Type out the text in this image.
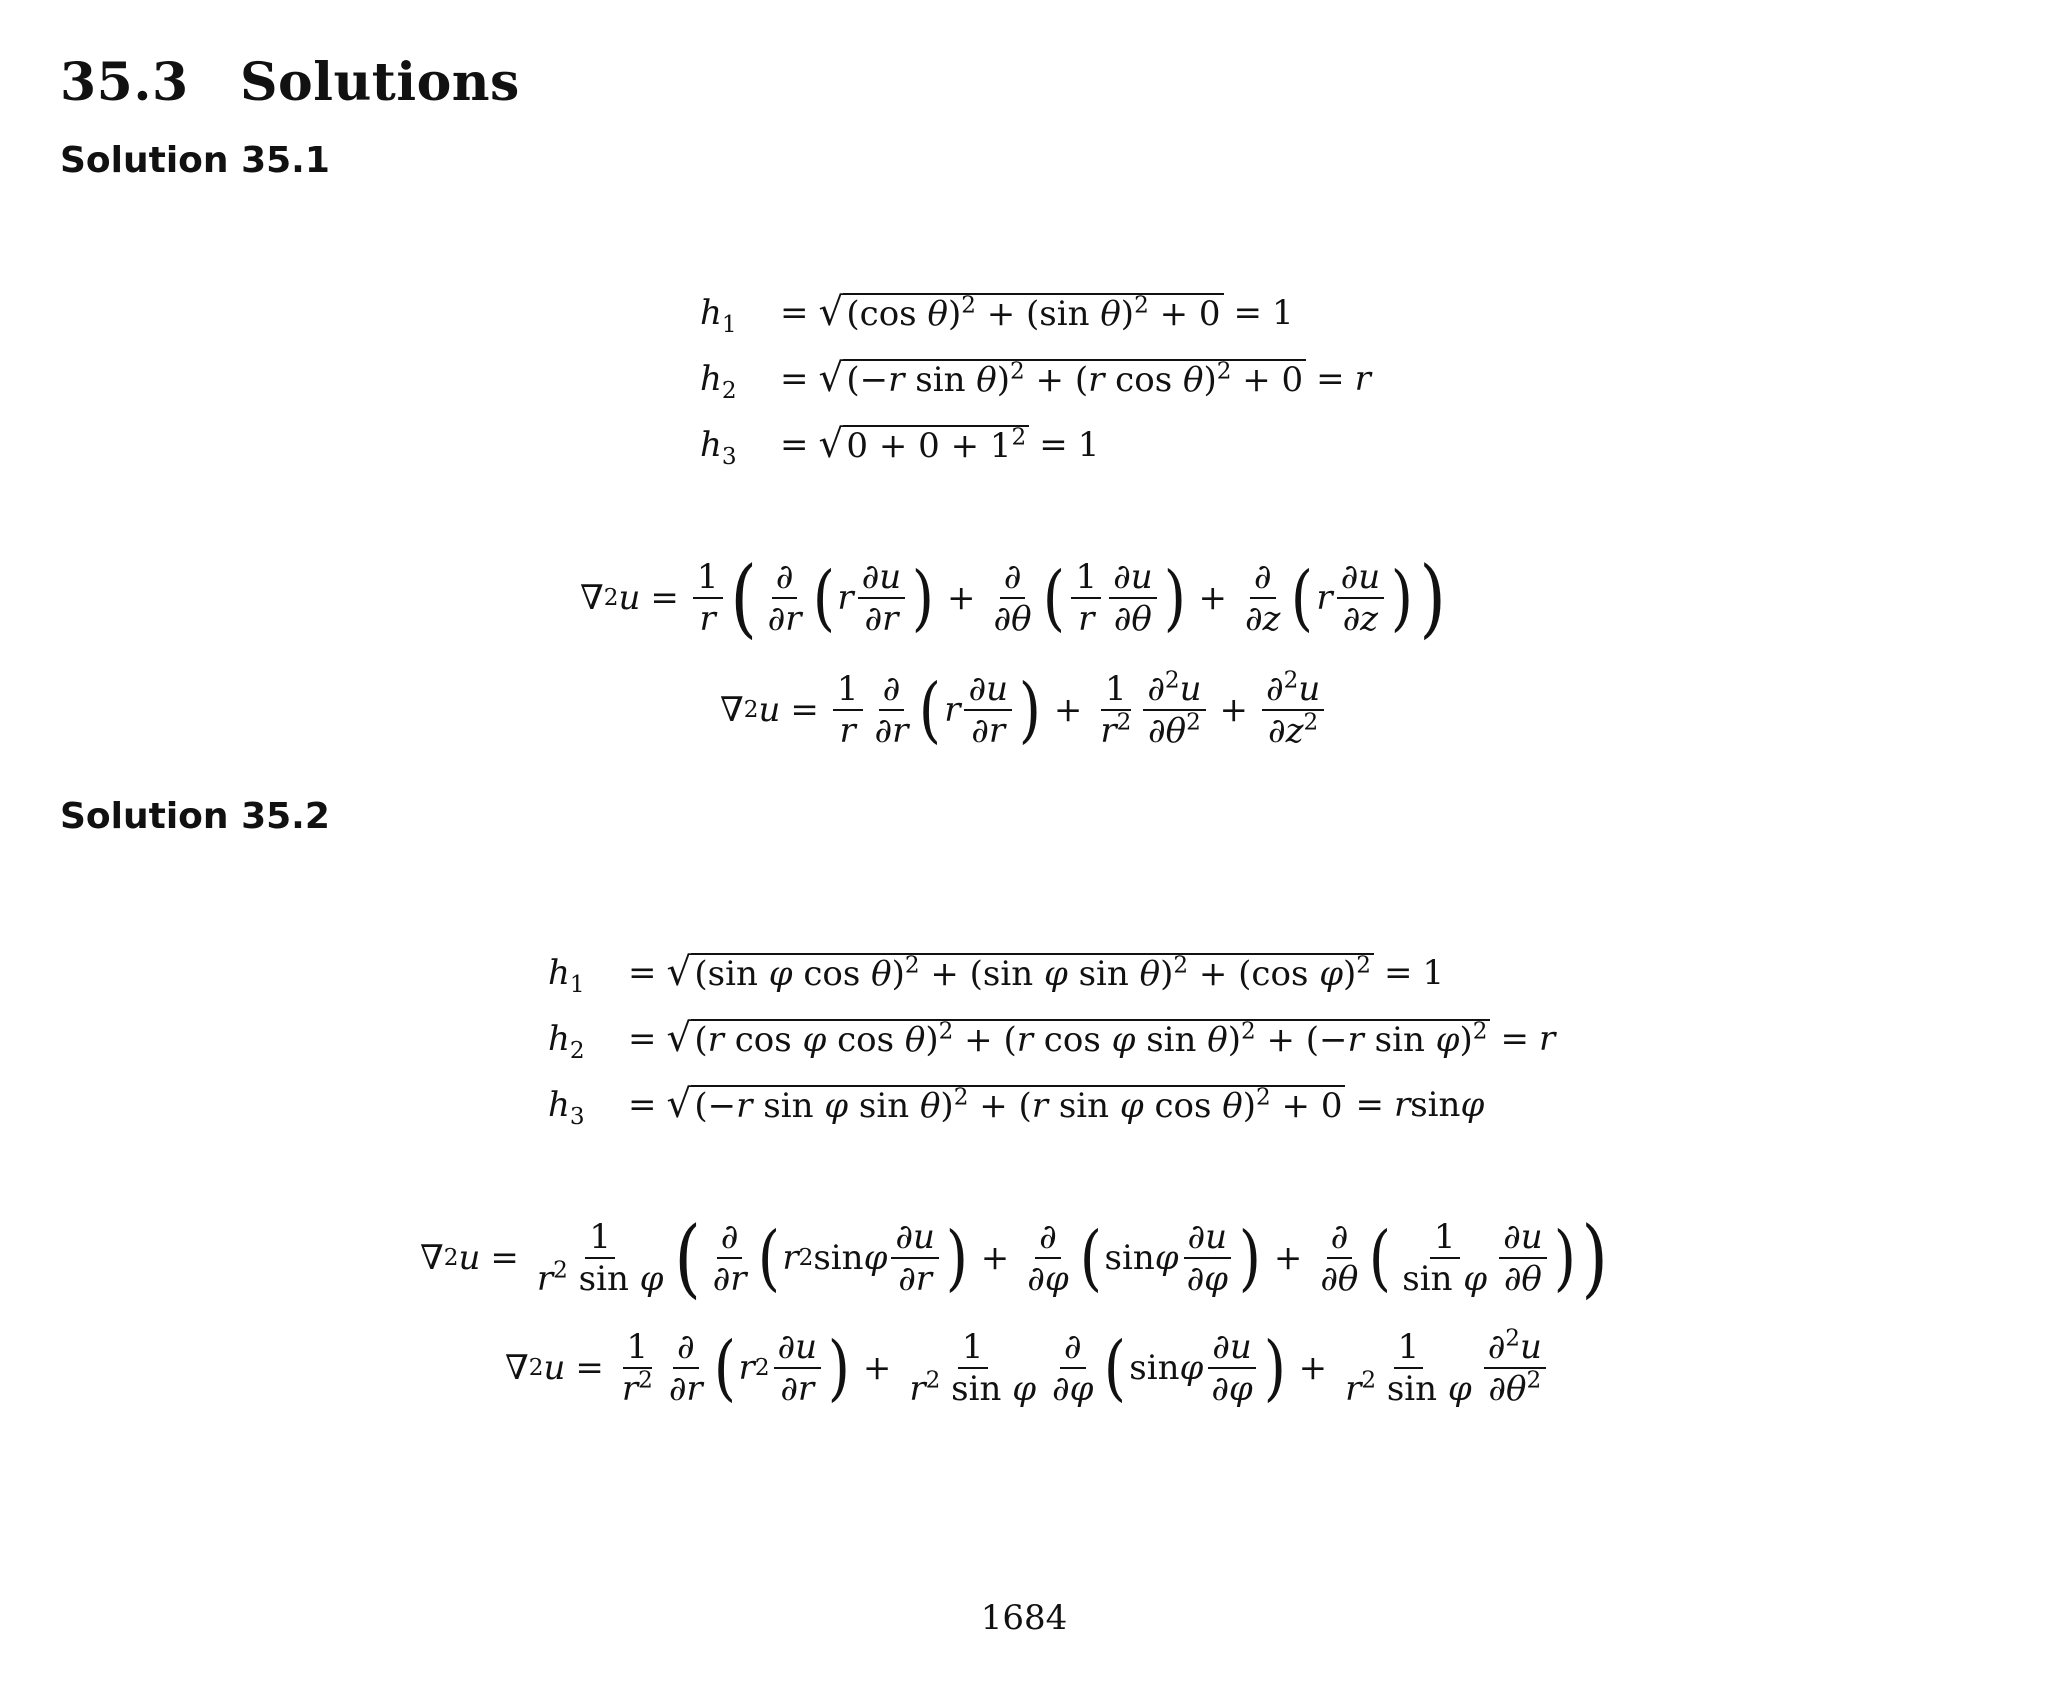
35.3 Solutions
Solution 35.1
$h_1$	= √ (cos θ)$^2$ + (sin θ)$^2$ + 0 = 1
$h_2$	= √ (−r sin θ)$^2$ + (r cos θ)$^2$ + 0 = r
$h_3$	= √ $0 + 0 + 1^2 = 1$
∇ 2 $u = \frac{1}{r}$ ( $\frac{\partial}{\partial r}$ ( r $\frac{\partial u}{\partial r}$ ) + $\frac{\partial}{\partial\theta}$ ( $\frac{1}{r} \frac{\partial u}{\partial\theta}$ ) + $\frac{\partial}{\partial z}$ ( r $\frac{\partial u}{\partial z}$ ) )
∇ 2 $u = \frac{1}{r} \frac{\partial}{\partial r}$ ( r $\frac{\partial u}{\partial r}$ ) + $\frac{1}{r^2} \frac{\partial^2u}{\partial\theta^2} + \frac{\partial^2u}{\partial z^2}$
Solution 35.2
$h_1$	= √ (sin φ cos θ)$^2$ + (sin φ sin θ)$^2$ + (cos φ)$^2$ = 1
$h_2$	= √ (r cos φ cos θ)$^2$ + (r cos φ sin θ)$^2$ + (−r sin φ)$^2$ = r
$h_3$	= √ (−r sin φ sin θ)$^2$ + (r sin φ cos θ)$^2$ + 0 = r sin φ
∇ 2 $u = \frac{1}{r^2 \sin \varphi}$ ( $\frac{\partial}{\partial r}$ ( r 2 sin φ $\frac{\partial u}{\partial r}$ ) + $\frac{\partial}{\partial\varphi}$ ( sin φ $\frac{\partial u}{\partial\varphi}$ ) + $\frac{\partial}{\partial\theta}$ ( $\frac{1}{\text{sin φ}} \frac{\partial u}{\partial\theta}$ ) )
∇ 2 $u = \frac{1}{r^2} \frac{\partial}{\partial r}$ ( r $2 \frac{\partial u}{\partial r}$ ) + $\frac{1}{r^2 \sin \varphi} \frac{\partial}{\partial\varphi}$ ( sin φ $\frac{\partial u}{\partial\varphi}$ ) + $\frac{1}{r^2 \sin \varphi} \frac{\partial^2u}{\partial\theta^2}$
1684
